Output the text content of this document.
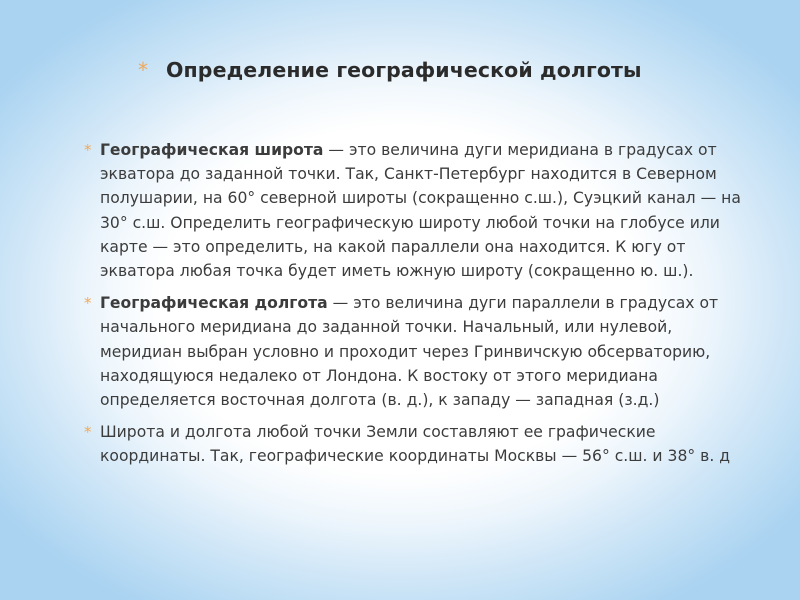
* Определение географической долготы
* Географическая широта — это величина дуги меридиана в градусах от экватора до заданной точки. Так, Санкт-Петербург находится в Северном полушарии, на 60° северной широты (сокращенно с.ш.), Суэцкий канал — на 30° с.ш. Определить географическую широту любой точки на глобусе или карте — это определить, на какой параллели она находится. К югу от экватора любая точка будет иметь южную широту (сокращенно ю. ш.).
* Географическая долгота — это величина дуги параллели в градусах от начального меридиана до заданной точки. Начальный, или нулевой, меридиан выбран условно и проходит через Гринвичскую обсерваторию, находящуюся недалеко от Лондона. К востоку от этого меридиана определяется восточная долгота (в. д.), к западу — западная (з.д.)
* Широта и долгота любой точки Земли составляют ее графические координаты. Так, географические координаты Москвы — 56° с.ш. и 38° в. д
